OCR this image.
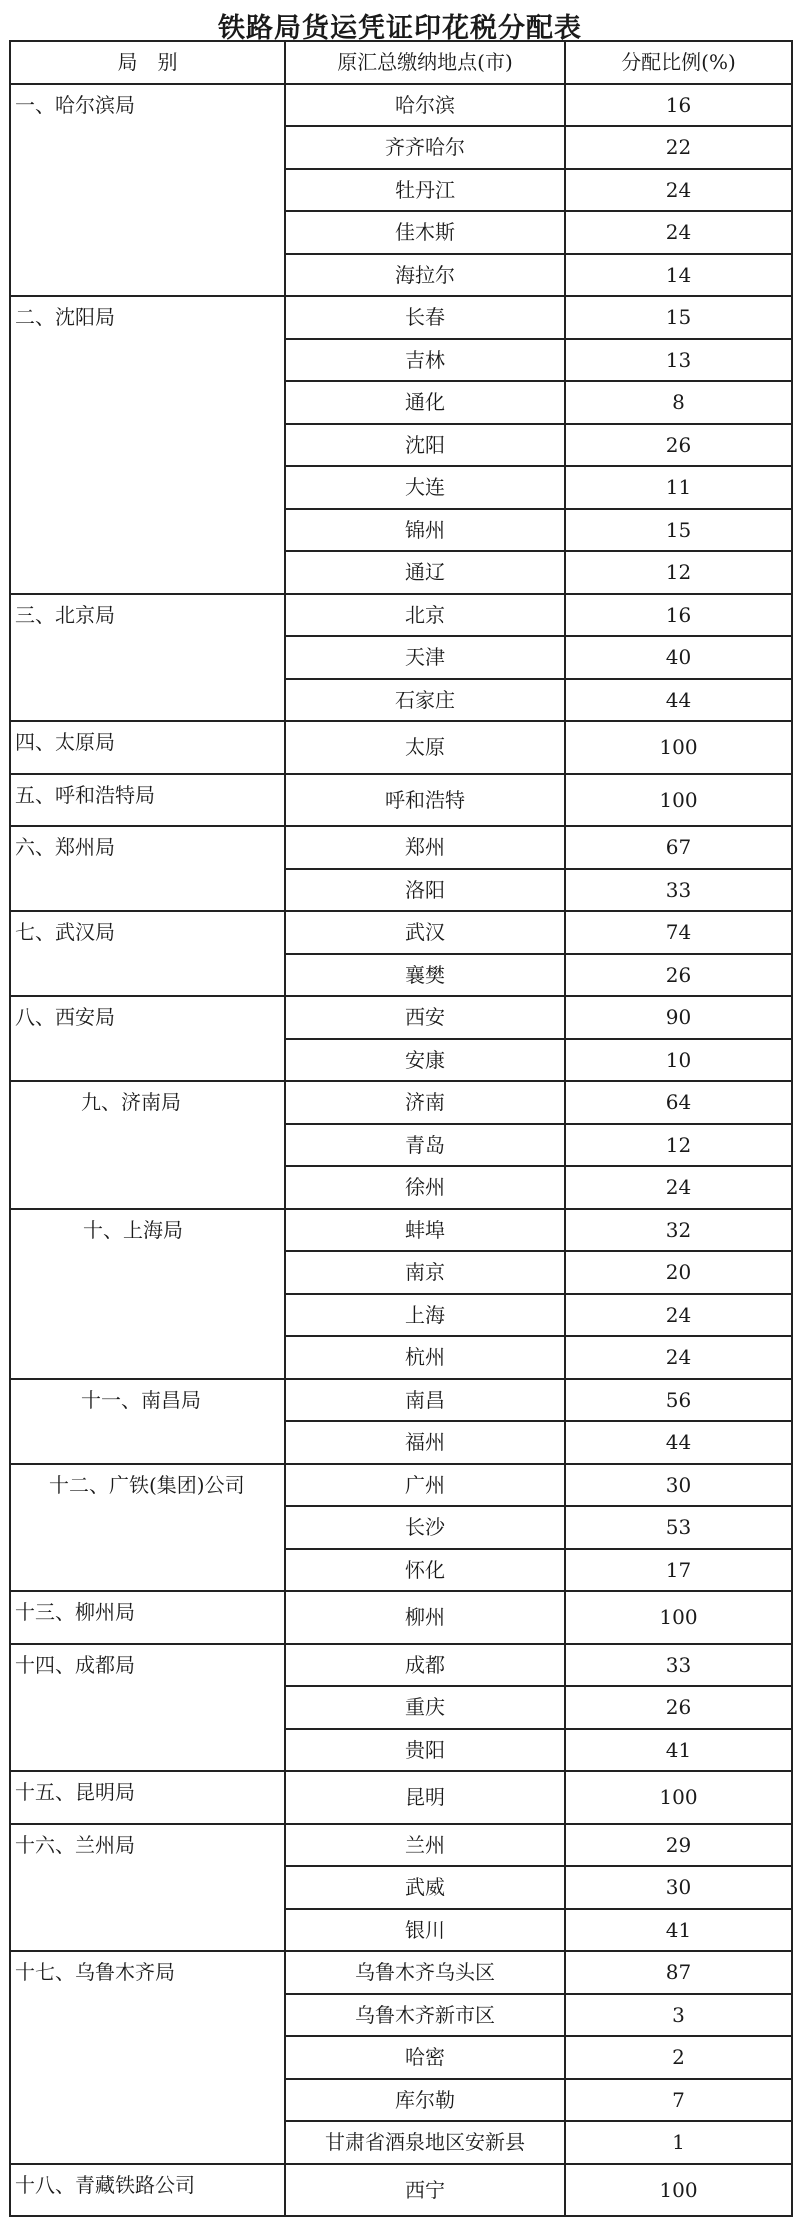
铁路局货运凭证印花税分配表
局　别	原汇总缴纳地点(市)	分配比例(%)
一、哈尔滨局	哈尔滨	16
	齐齐哈尔	22
	牡丹江	24
	佳木斯	24
	海拉尔	14
二、沈阳局	长春	15
	吉林	13
	通化	8
	沈阳	26
	大连	11
	锦州	15
	通辽	12
三、北京局	北京	16
	天津	40
	石家庄	44
四、太原局	太原	100
五、呼和浩特局	呼和浩特	100
六、郑州局	郑州	67
	洛阳	33
七、武汉局	武汉	74
	襄樊	26
八、西安局	西安	90
	安康	10
九、济南局	济南	64
	青岛	12
	徐州	24
十、上海局	蚌埠	32
	南京	20
	上海	24
	杭州	24
十一、南昌局	南昌	56
	福州	44
十二、广铁(集团)公司	广州	30
	长沙	53
	怀化	17
十三、柳州局	柳州	100
十四、成都局	成都	33
	重庆	26
	贵阳	41
十五、昆明局	昆明	100
十六、兰州局	兰州	29
	武威	30
	银川	41
十七、乌鲁木齐局	乌鲁木齐乌头区	87
	乌鲁木齐新市区	3
	哈密	2
	库尔勒	7
	甘肃省酒泉地区安新县	1
十八、青藏铁路公司	西宁	100
